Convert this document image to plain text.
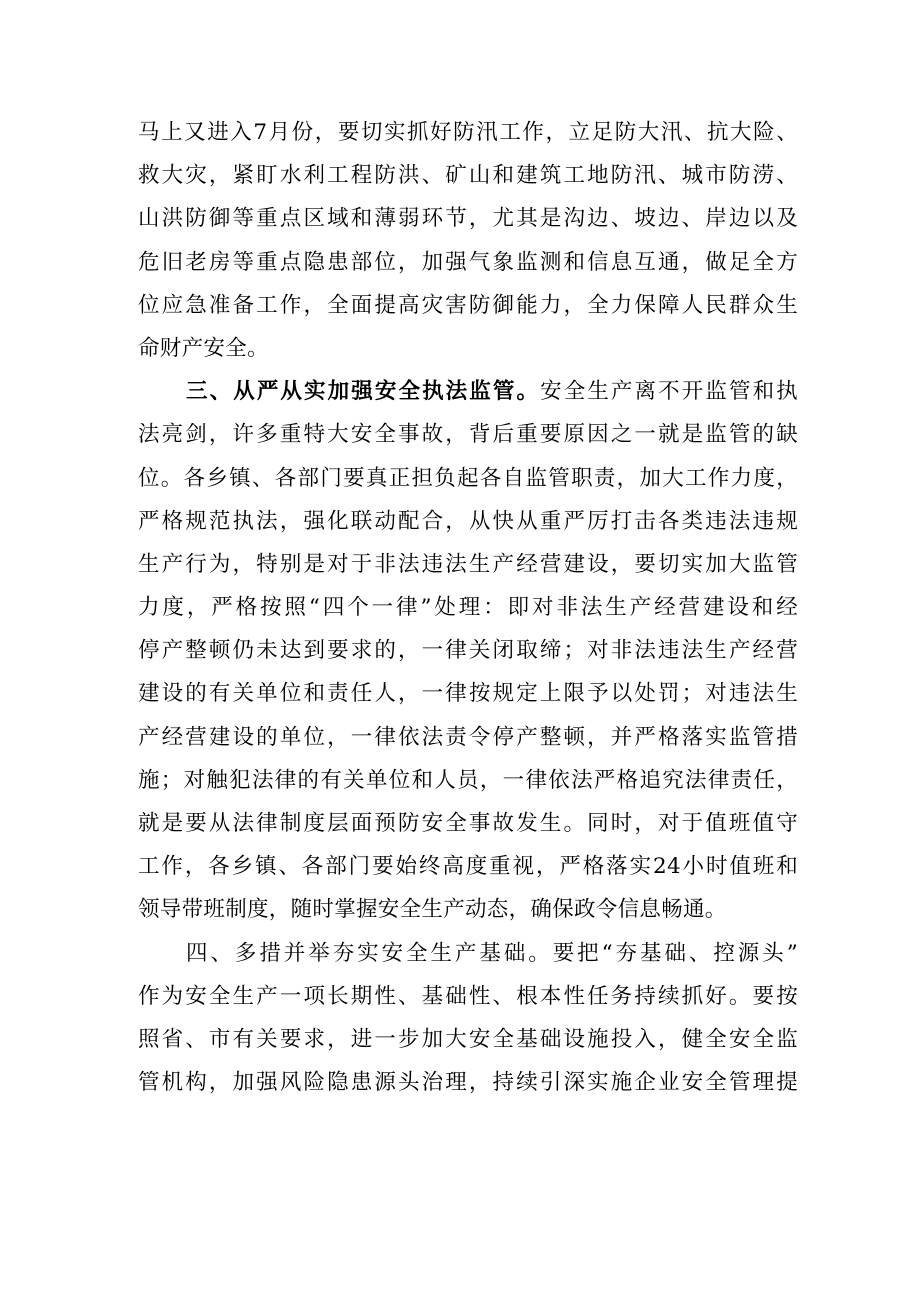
马上又进入7月份，要切实抓好防汛工作，立足防大汛、抗大险、
救大灾，紧盯水利工程防洪、矿山和建筑工地防汛、城市防涝、
山洪防御等重点区域和薄弱环节，尤其是沟边、坡边、岸边以及
危旧老房等重点隐患部位，加强气象监测和信息互通，做足全方
位应急准备工作，全面提高灾害防御能力，全力保障人民群众生
命财产安全。
三、从严从实加强安全执法监管。安全生产离不开监管和执
法亮剑，许多重特大安全事故，背后重要原因之一就是监管的缺
位。各乡镇、各部门要真正担负起各自监管职责，加大工作力度，
严格规范执法，强化联动配合，从快从重严厉打击各类违法违规
生产行为，特别是对于非法违法生产经营建设，要切实加大监管
力度，严格按照“四个一律”处理：即对非法生产经营建设和经
停产整顿仍未达到要求的，一律关闭取缔；对非法违法生产经营
建设的有关单位和责任人，一律按规定上限予以处罚；对违法生
产经营建设的单位，一律依法责令停产整顿，并严格落实监管措
施；对触犯法律的有关单位和人员，一律依法严格追究法律责任，
就是要从法律制度层面预防安全事故发生。同时，对于值班值守
工作，各乡镇、各部门要始终高度重视，严格落实24小时值班和
领导带班制度，随时掌握安全生产动态，确保政令信息畅通。
四、多措并举夯实安全生产基础。要把“夯基础、控源头”
作为安全生产一项长期性、基础性、根本性任务持续抓好。要按
照省、市有关要求，进一步加大安全基础设施投入，健全安全监
管机构，加强风险隐患源头治理，持续引深实施企业安全管理提
